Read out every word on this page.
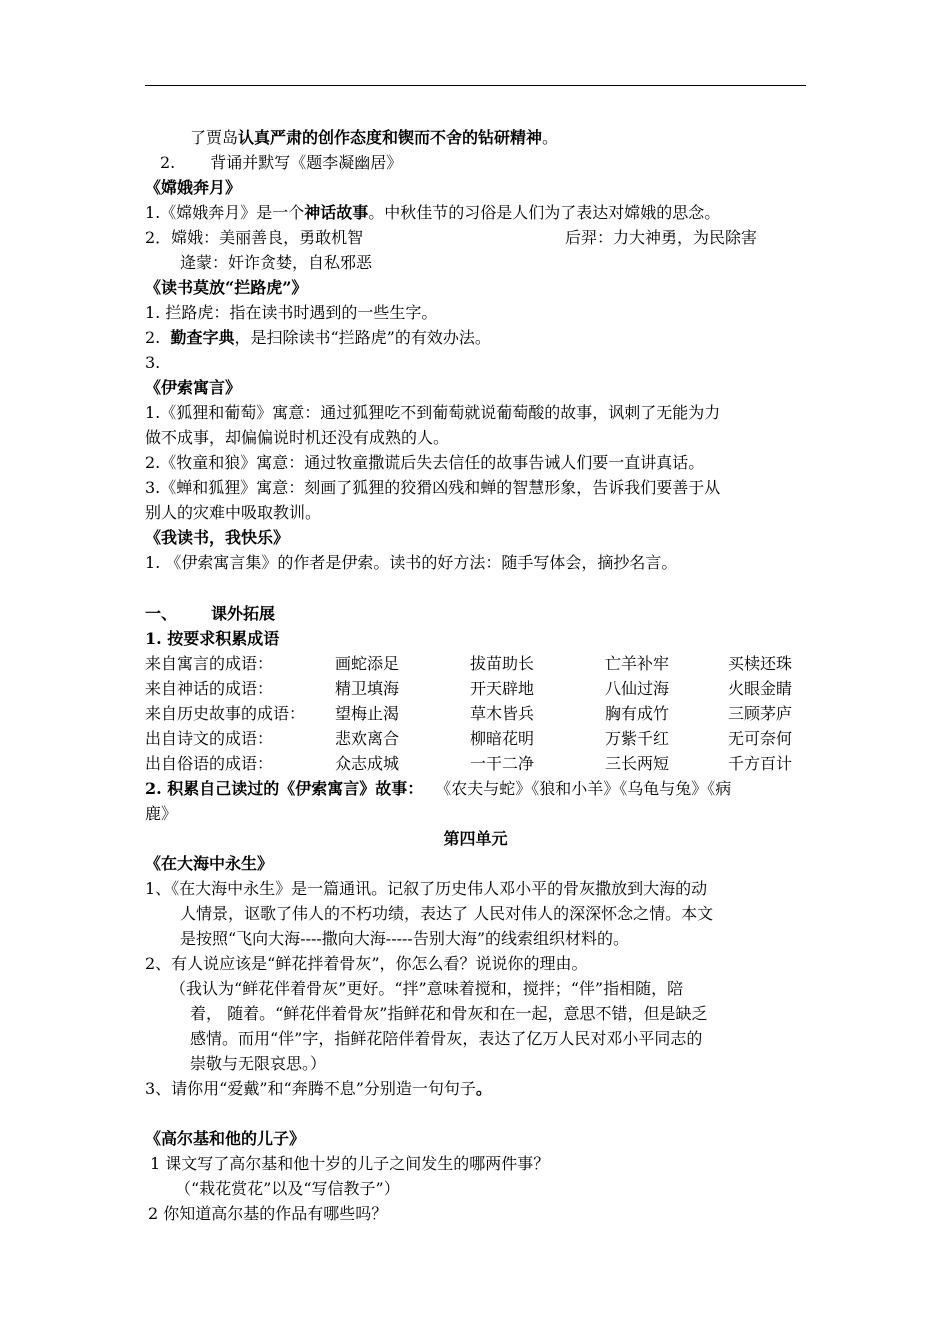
了贾岛认真严肃的创作态度和锲而不舍的钻研精神。
2. 背诵并默写《题李凝幽居》
《嫦娥奔月》
1.《嫦娥奔月》是一个神话故事。中秋佳节的习俗是人们为了表达对嫦娥的思念。
2．嫦娥：美丽善良，勇敢机智	后羿：力大神勇，为民除害
逄蒙：奸诈贪婪，自私邪恶
《读书莫放“拦路虎”》
1. 拦路虎：指在读书时遇到的一些生字。
2.  勤查字典，是扫除读书“拦路虎”的有效办法。
3.
《伊索寓言》
1.《狐狸和葡萄》寓意：通过狐狸吃不到葡萄就说葡萄酸的故事，讽刺了无能为力
做不成事，却偏偏说时机还没有成熟的人。
2.《牧童和狼》寓意：通过牧童撒谎后失去信任的故事告诫人们要一直讲真话。
3.《蝉和狐狸》寓意：刻画了狐狸的狡猾凶残和蝉的智慧形象，告诉我们要善于从
别人的灾难中吸取教训。
《我读书，我快乐》
1. 《伊索寓言集》的作者是伊索。读书的好方法：随手写体会，摘抄名言。
一、 课外拓展
1. 按要求积累成语
来自寓言的成语：	画蛇添足	拔苗助长	亡羊补牢	买椟还珠
来自神话的成语：	精卫填海	开天辟地	八仙过海	火眼金睛
来自历史故事的成语： 望梅止渴	草木皆兵	胸有成竹	三顾茅庐
出自诗文的成语：	悲欢离合	柳暗花明	万紫千红	无可奈何
出自俗语的成语：	众志成城	一干二净	三长两短	千方百计
2. 积累自己读过的《伊索寓言》故事： 《农夫与蛇》《狼和小羊》《乌龟与兔》《病
鹿》
第四单元
《在大海中永生》
1、《在大海中永生》是一篇通讯。记叙了历史伟人邓小平的骨灰撒放到大海的动
人情景，讴歌了伟人的不朽功绩，表达了 人民对伟人的深深怀念之情。本文
是按照“飞向大海----撒向大海-----告别大海”的线索组织材料的。
2、有人说应该是“鲜花拌着骨灰”，你怎么看？说说你的理由。
（我认为“鲜花伴着骨灰”更好。“拌”意味着搅和，搅拌；“伴”指相随，陪
着， 随着。“鲜花伴着骨灰”指鲜花和骨灰和在一起，意思不错，但是缺乏
感情。而用“伴”字，指鲜花陪伴着骨灰，表达了亿万人民对邓小平同志的
崇敬与无限哀思。）
3、请你用“爱戴”和“奔腾不息”分别造一句句子。
《高尔基和他的儿子》
1 课文写了高尔基和他十岁的儿子之间发生的哪两件事？
（“栽花赏花”以及“写信教子”）
2 你知道高尔基的作品有哪些吗？
